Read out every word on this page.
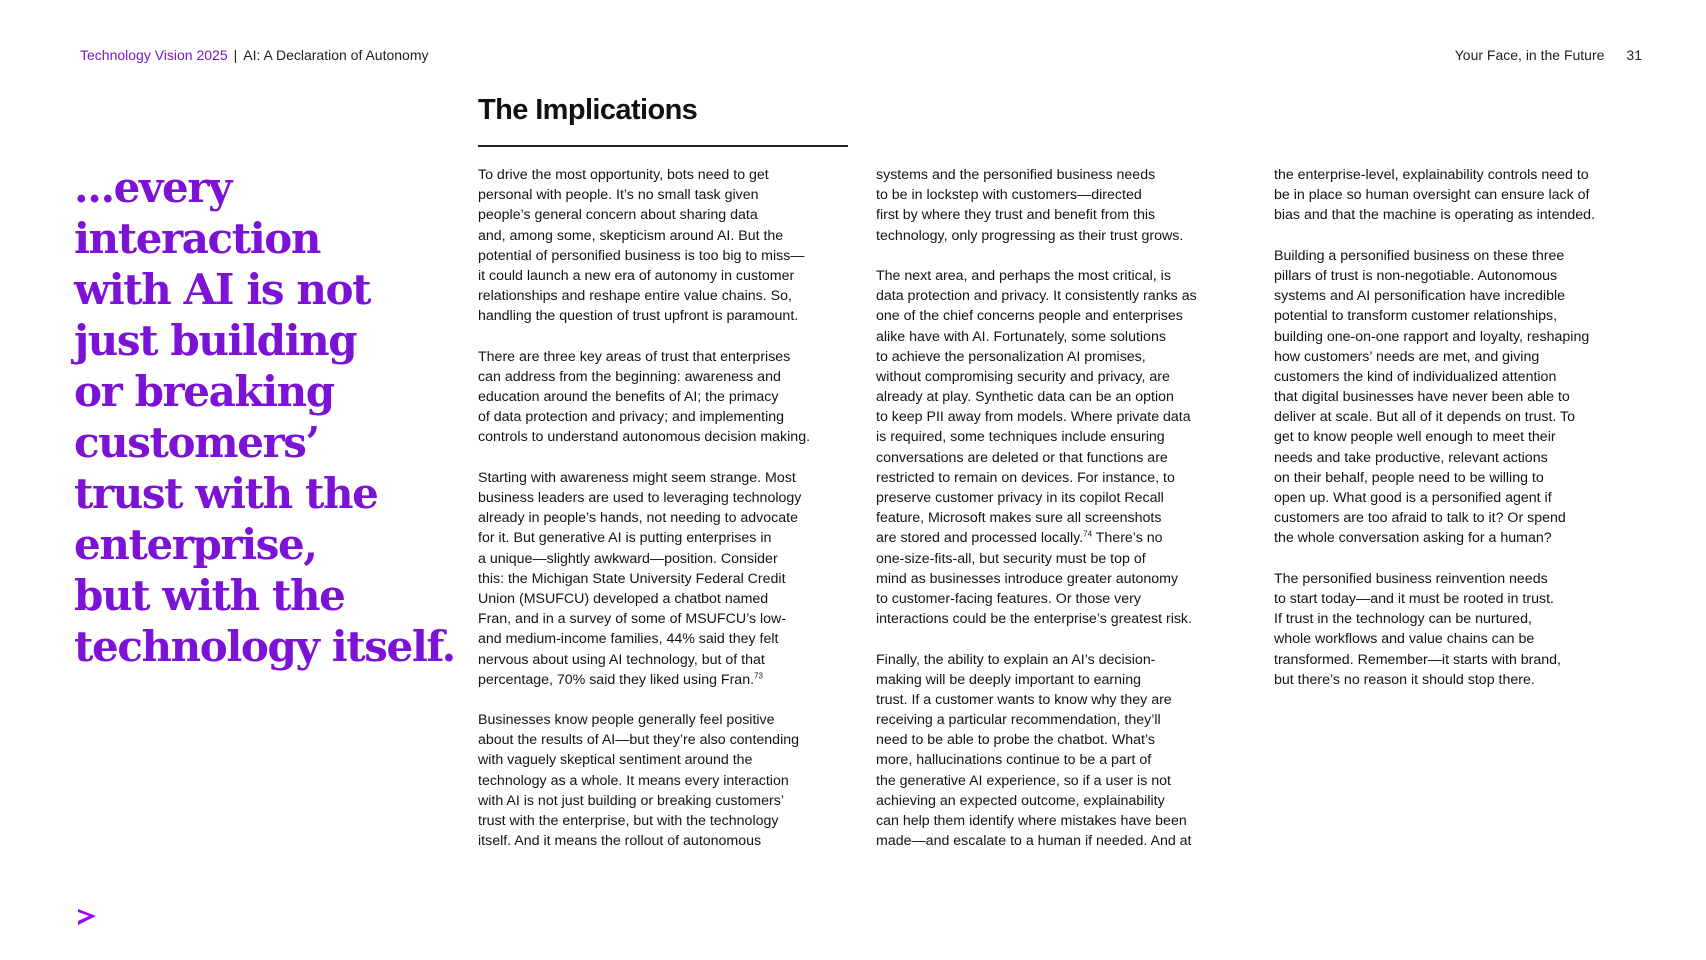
Technology Vision 2025 | AI: A Declaration of Autonomy	Your Face, in the Future 31
...every
interaction
with AI is not
just building
or breaking
customers’
trust with the
enterprise,
but with the
technology itself.
The Implications
To drive the most opportunity, bots need to get
personal with people. It’s no small task given
people’s general concern about sharing data
and, among some, skepticism around AI. But the
potential of personified business is too big to miss—
it could launch a new era of autonomy in customer
relationships and reshape entire value chains. So,
handling the question of trust upfront is paramount.
There are three key areas of trust that enterprises
can address from the beginning: awareness and
education around the benefits of AI; the primacy
of data protection and privacy; and implementing
controls to understand autonomous decision making.
Starting with awareness might seem strange. Most
business leaders are used to leveraging technology
already in people’s hands, not needing to advocate
for it. But generative AI is putting enterprises in
a unique—slightly awkward—position. Consider
this: the Michigan State University Federal Credit
Union (MSUFCU) developed a chatbot named
Fran, and in a survey of some of MSUFCU’s low-
and medium-income families, 44% said they felt
nervous about using AI technology, but of that
percentage, 70% said they liked using Fran.$^{73}$
Businesses know people generally feel positive
about the results of AI—but they’re also contending
with vaguely skeptical sentiment around the
technology as a whole. It means every interaction
with AI is not just building or breaking customers’
trust with the enterprise, but with the technology
itself. And it means the rollout of autonomous
systems and the personified business needs
to be in lockstep with customers—directed
first by where they trust and benefit from this
technology, only progressing as their trust grows.
The next area, and perhaps the most critical, is
data protection and privacy. It consistently ranks as
one of the chief concerns people and enterprises
alike have with AI. Fortunately, some solutions
to achieve the personalization AI promises,
without compromising security and privacy, are
already at play. Synthetic data can be an option
to keep PII away from models. Where private data
is required, some techniques include ensuring
conversations are deleted or that functions are
restricted to remain on devices. For instance, to
preserve customer privacy in its copilot Recall
feature, Microsoft makes sure all screenshots
are stored and processed locally.$^{74}$ There’s no
one-size-fits-all, but security must be top of
mind as businesses introduce greater autonomy
to customer-facing features. Or those very
interactions could be the enterprise’s greatest risk.
Finally, the ability to explain an AI’s decision-
making will be deeply important to earning
trust. If a customer wants to know why they are
receiving a particular recommendation, they’ll
need to be able to probe the chatbot. What’s
more, hallucinations continue to be a part of
the generative AI experience, so if a user is not
achieving an expected outcome, explainability
can help them identify where mistakes have been
made—and escalate to a human if needed. And at
the enterprise-level, explainability controls need to
be in place so human oversight can ensure lack of
bias and that the machine is operating as intended.
Building a personified business on these three
pillars of trust is non-negotiable. Autonomous
systems and AI personification have incredible
potential to transform customer relationships,
building one-on-one rapport and loyalty, reshaping
how customers’ needs are met, and giving
customers the kind of individualized attention
that digital businesses have never been able to
deliver at scale. But all of it depends on trust. To
get to know people well enough to meet their
needs and take productive, relevant actions
on their behalf, people need to be willing to
open up. What good is a personified agent if
customers are too afraid to talk to it? Or spend
the whole conversation asking for a human?
The personified business reinvention needs
to start today—and it must be rooted in trust.
If trust in the technology can be nurtured,
whole workflows and value chains can be
transformed. Remember—it starts with brand,
but there’s no reason it should stop there.
